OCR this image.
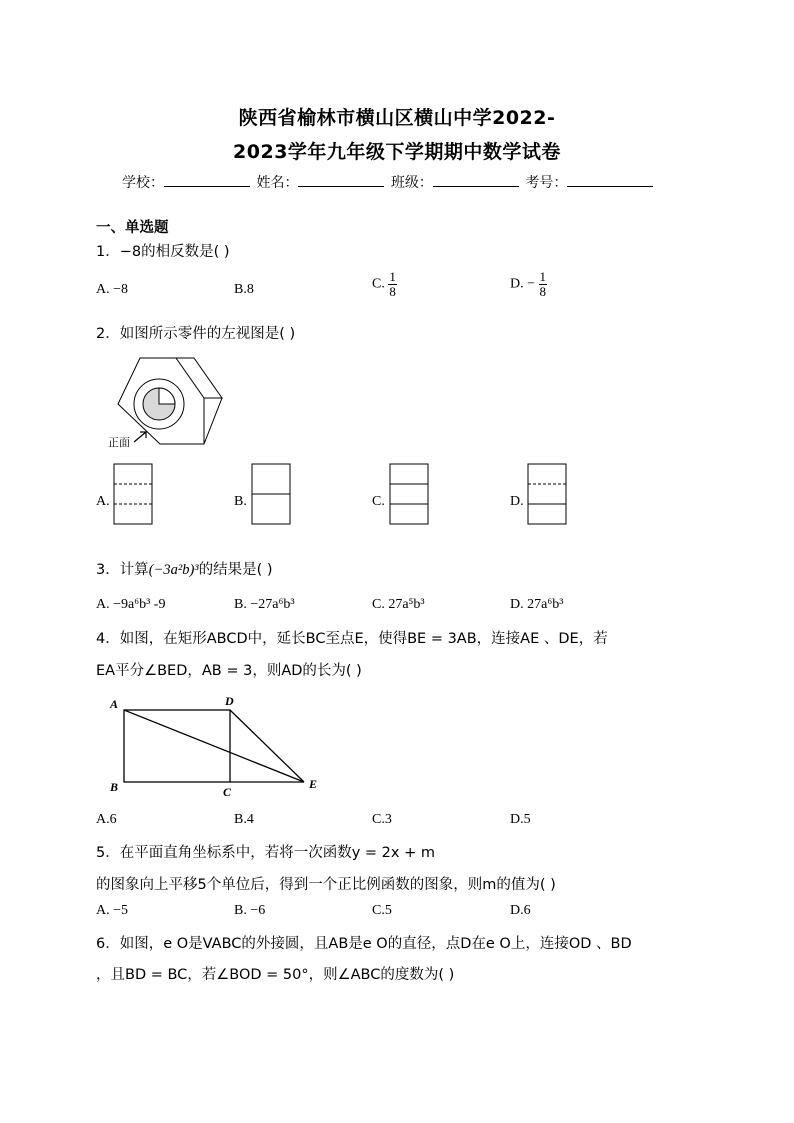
陕西省榆林市横山区横山中学2022-
2023学年九年级下学期期中数学试卷
学校：	姓名：	班级：	考号：
一、单选题
1．−8的相反数是( )
A. −8	B.8	C. $\frac{1}{8}$	D. − $\frac{1}{8}$
2．如图所示零件的左视图是( )
正面
A.	B.	C.	D.
3．计算(−3a²b)³的结果是( )
A. −9a⁶b³ -9	B. −27a⁶b³	C. 27a⁵b³	D. 27a⁶b³
4．如图，在矩形ABCD中，延长BC至点E，使得BE = 3AB，连接AE 、DE，若
EA平分∠BED，AB = 3，则AD的长为( )
A
B	C
D
E
A.6	B.4	C.3	D.5
5．在平面直角坐标系中，若将一次函数y = 2x + m
的图象向上平移5个单位后，得到一个正比例函数的图象，则m的值为( )
A. −5	B. −6	C.5	D.6
6．如图，e O是VABC的外接圆，且AB是e O的直径，点D在e O上，连接OD 、BD
，且BD = BC，若∠BOD = 50°，则∠ABC的度数为( )
